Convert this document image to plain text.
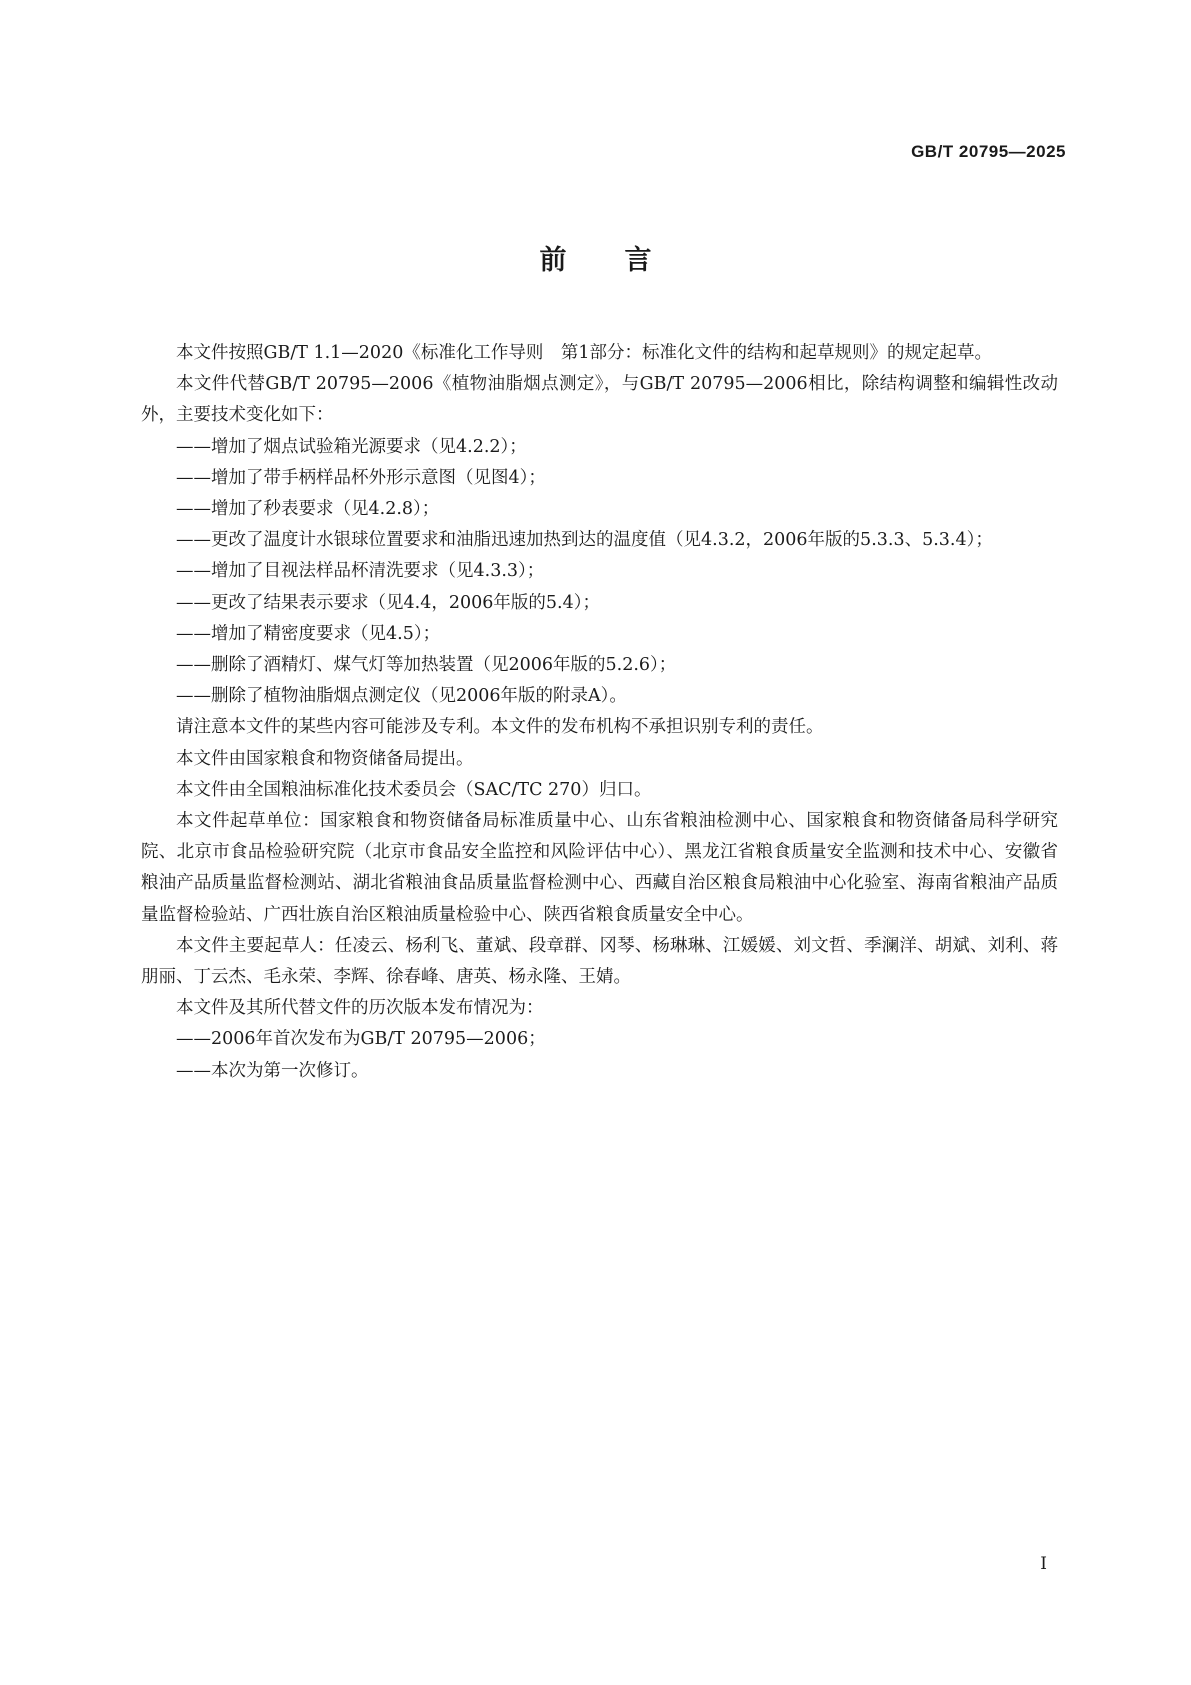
GB/T 20795—2025
前言

本文件按照GB/T 1.1—2020《标准化工作导则　第1部分：标准化文件的结构和起草规则》的规定起草。

本文件代替GB/T 20795—2006《植物油脂烟点测定》，与GB/T 20795—2006相比，除结构调整和编辑性改动外，主要技术变化如下：

——增加了烟点试验箱光源要求（见4.2.2）；

——增加了带手柄样品杯外形示意图（见图4）；

——增加了秒表要求（见4.2.8）；

——更改了温度计水银球位置要求和油脂迅速加热到达的温度值（见4.3.2，2006年版的5.3.3、5.3.4）；

——增加了目视法样品杯清洗要求（见4.3.3）；

——更改了结果表示要求（见4.4，2006年版的5.4）；

——增加了精密度要求（见4.5）；

——删除了酒精灯、煤气灯等加热装置（见2006年版的5.2.6）；

——删除了植物油脂烟点测定仪（见2006年版的附录A）。

请注意本文件的某些内容可能涉及专利。本文件的发布机构不承担识别专利的责任。

本文件由国家粮食和物资储备局提出。

本文件由全国粮油标准化技术委员会（SAC/TC 270）归口。

本文件起草单位：国家粮食和物资储备局标准质量中心、山东省粮油检测中心、国家粮食和物资储备局科学研究院、北京市食品检验研究院（北京市食品安全监控和风险评估中心）、黑龙江省粮食质量安全监测和技术中心、安徽省粮油产品质量监督检测站、湖北省粮油食品质量监督检测中心、西藏自治区粮食局粮油中心化验室、海南省粮油产品质量监督检验站、广西壮族自治区粮油质量检验中心、陕西省粮食质量安全中心。

本文件主要起草人：任凌云、杨利飞、董斌、段章群、冈琴、杨琳琳、江媛媛、刘文哲、季澜洋、胡斌、刘利、蒋朋丽、丁云杰、毛永荣、李辉、徐春峰、唐英、杨永隆、王婧。

本文件及其所代替文件的历次版本发布情况为：

——2006年首次发布为GB/T 20795—2006；

——本次为第一次修订。

Ⅰ
